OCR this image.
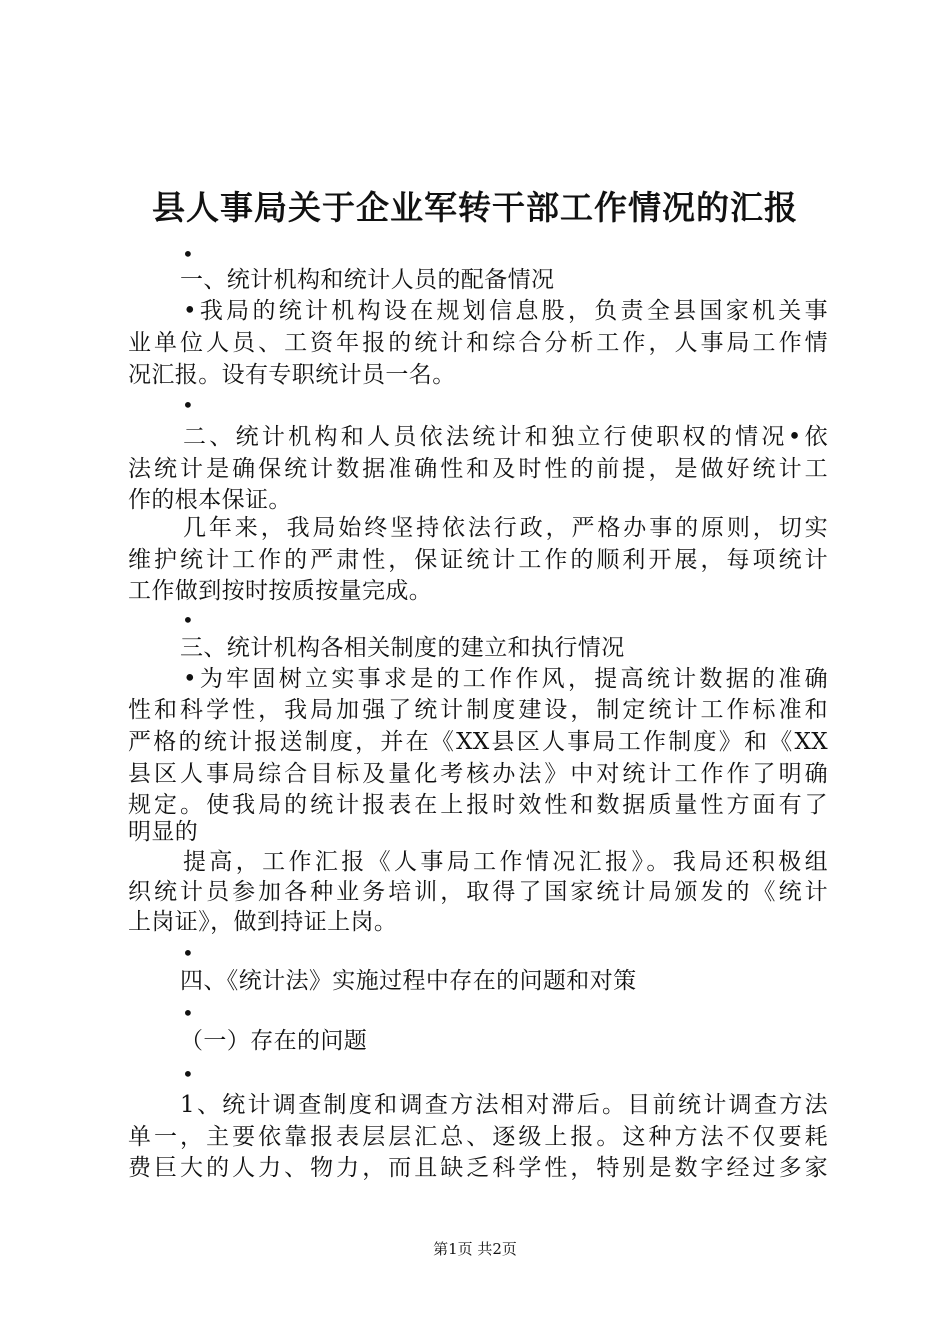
县人事局关于企业军转干部工作情况的汇报
•
一、统计机构和统计人员的配备情况
•我局的统计机构设在规划信息股，负责全县国家机关事
业单位人员、工资年报的统计和综合分析工作，人事局工作情
况汇报。设有专职统计员一名。
•
二、统计机构和人员依法统计和独立行使职权的情况•依
法统计是确保统计数据准确性和及时性的前提，是做好统计工
作的根本保证。
几年来，我局始终坚持依法行政，严格办事的原则，切实
维护统计工作的严肃性，保证统计工作的顺利开展，每项统计
工作做到按时按质按量完成。
•
三、统计机构各相关制度的建立和执行情况
•为牢固树立实事求是的工作作风，提高统计数据的准确
性和科学性，我局加强了统计制度建设，制定统计工作标准和
严格的统计报送制度，并在《XX县区人事局工作制度》和《XX
县区人事局综合目标及量化考核办法》中对统计工作作了明确
规定。使我局的统计报表在上报时效性和数据质量性方面有了
明显的
提高，工作汇报《人事局工作情况汇报》。我局还积极组
织统计员参加各种业务培训，取得了国家统计局颁发的《统计
上岗证》，做到持证上岗。
•
四、《统计法》实施过程中存在的问题和对策
•
（一）存在的问题
•
1、统计调查制度和调查方法相对滞后。目前统计调查方法
单一，主要依靠报表层层汇总、逐级上报。这种方法不仅要耗
费巨大的人力、物力，而且缺乏科学性，特别是数字经过多家
第1页 共2页
